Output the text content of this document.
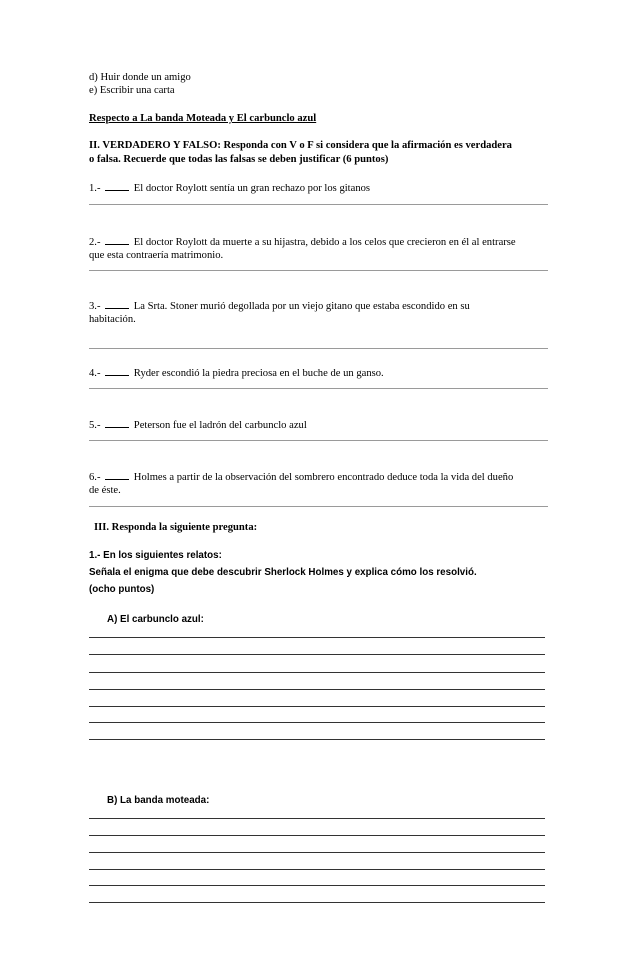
d) Huir donde un amigo
e) Escribir una carta
Respecto a La banda Moteada y El carbunclo azul
II. VERDADERO Y FALSO: Responda con V o F si considera que la afirmación es verdadera
o falsa. Recuerde que todas las falsas se deben justificar (6 puntos)
1.-	El doctor Roylott sentía un gran rechazo por los gitanos
2.-	El doctor Roylott da muerte a su hijastra, debido a los celos que crecieron en él al entrarse
que esta contraería matrimonio.
3.-	La Srta. Stoner murió degollada por un viejo gitano que estaba escondido en su
habitación.
4.-	Ryder escondió la piedra preciosa en el buche de un ganso.
5.-	Peterson fue el ladrón del carbunclo azul
6.-	Holmes a partir de la observación del sombrero encontrado deduce toda la vida del dueño
de éste.
III. Responda la siguiente pregunta:
1.- En los siguientes relatos:
Señala el enigma que debe descubrir Sherlock Holmes y explica cómo los resolvió.
(ocho puntos)
A) El carbunclo azul:
B) La banda moteada:
